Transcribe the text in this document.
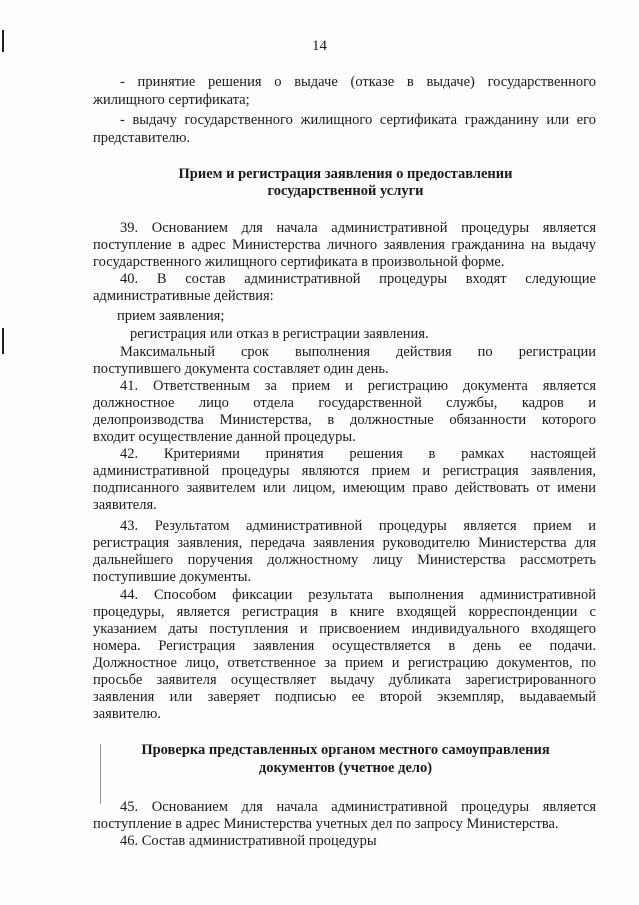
14
- принятие решения о выдаче (отказе в выдаче) государственного
жилищного сертификата;
- выдачу государственного жилищного сертификата гражданину или его
представителю.
Прием и регистрация заявления о предоставлении
государственной услуги
39. Основанием для начала административной процедуры является
поступление в адрес Министерства личного заявления гражданина на выдачу
государственного жилищного сертификата в произвольной форме.
40. В состав административной процедуры входят следующие
административные действия:
прием заявления;
регистрация или отказ в регистрации заявления.
Максимальный срок выполнения действия по регистрации
поступившего документа составляет один день.
41. Ответственным за прием и регистрацию документа является
должностное лицо отдела государственной службы, кадров и
делопроизводства Министерства, в должностные обязанности которого
входит осуществление данной процедуры.
42. Критериями принятия решения в рамках настоящей
административной процедуры являются прием и регистрация заявления,
подписанного заявителем или лицом, имеющим право действовать от имени
заявителя.
43. Результатом административной процедуры является прием и
регистрация заявления, передача заявления руководителю Министерства для
дальнейшего поручения должностному лицу Министерства рассмотреть
поступившие документы.
44. Способом фиксации результата выполнения административной
процедуры, является регистрация в книге входящей корреспонденции с
указанием даты поступления и присвоением индивидуального входящего
номера. Регистрация заявления осуществляется в день ее подачи.
Должностное лицо, ответственное за прием и регистрацию документов, по
просьбе заявителя осуществляет выдачу дубликата зарегистрированного
заявления или заверяет подписью ее второй экземпляр, выдаваемый
заявителю.
Проверка представленных органом местного самоуправления
документов (учетное дело)
45. Основанием для начала административной процедуры является
поступление в адрес Министерства учетных дел по запросу Министерства.
46. Состав административной процедуры
